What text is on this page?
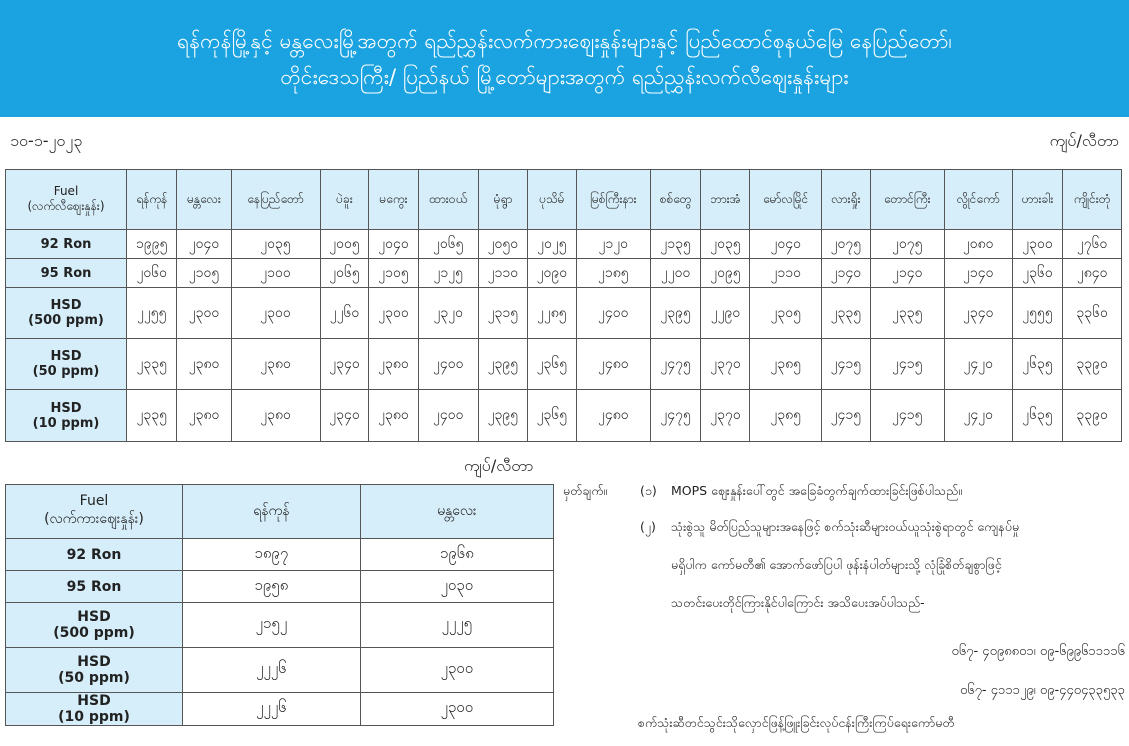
ရန်ကုန်မြို့နှင့် မန္တလေးမြို့အတွက် ရည်ညွှန်းလက်ကားဈေးနှုန်းများနှင့် ပြည်ထောင်စုနယ်မြေ နေပြည်တော်၊
တိုင်းဒေသကြီး/ ပြည်နယ် မြို့တော်များအတွက် ရည်ညွှန်းလက်လီဈေးနှုန်းများ
၁၀-၁-၂၀၂၃	ကျပ်/လီတာ
Fuel
(လက်လီဈေးနှုန်း)	ရန်ကုန်	မန္တလေး	နေပြည်တော်	ပဲခူး	မကွေး	ထားဝယ်	မုံရွာ	ပုသိမ်	မြစ်ကြီးနား	စစ်တွေ	ဘားအံ	မော်လမြိုင်	လားရှိုး	တောင်ကြီး	လွိုင်ကော်	ဟားခါး	ကျိုင်းတုံ

92 Ron	၁၉၉၅	၂၀၄၀	၂၀၃၅	၂၀၀၅	၂၀၄၀	၂၀၆၅	၂၀၅၀	၂၀၂၅	၂၁၂၀	၂၁၃၅	၂၀၃၅	၂၀၄၀	၂၀၇၅	၂၀၇၅	၂၀၈၀	၂၃၀၀	၂၇၆၀

95 Ron	၂၀၆၀	၂၁၀၅	၂၁၀၀	၂၀၆၅	၂၁၀၅	၂၁၂၅	၂၁၁၀	၂၀၉၀	၂၁၈၅	၂၂၀၀	၂၀၉၅	၂၁၁၀	၂၁၄၀	၂၁၄၀	၂၁၄၀	၂၃၆၀	၂၈၄၀

HSD
(500 ppm)	၂၂၅၅	၂၃၀၀	၂၃၀၀	၂၂၆၀	၂၃၀၀	၂၃၂၀	၂၃၁၅	၂၂၈၅	၂၄၀၀	၂၃၉၅	၂၂၉၀	၂၃၀၅	၂၃၃၅	၂၃၃၅	၂၃၄၀	၂၅၅၅	၃၃၆၀

HSD
(50 ppm)	၂၃၃၅	၂၃၈၀	၂၃၈၀	၂၃၄၀	၂၃၈၀	၂၄၀၀	၂၃၉၅	၂၃၆၅	၂၄၈၀	၂၄၇၅	၂၃၇၀	၂၃၈၅	၂၄၁၅	၂၄၁၅	၂၄၂၀	၂၆၃၅	၃၃၉၀

HSD
(10 ppm)	၂၃၃၅	၂၃၈၀	၂၃၈၀	၂၃၄၀	၂၃၈၀	၂၄၀၀	၂၃၉၅	၂၃၆၅	၂၄၈၀	၂၄၇၅	၂၃၇၀	၂၃၈၅	၂၄၁၅	၂၄၁၅	၂၄၂၀	၂၆၃၅	၃၃၉၀
ကျပ်/လီတာ
Fuel
(လက်ကားဈေးနှုန်း)	ရန်ကုန်	မန္တလေး

92 Ron	၁၈၉၇	၁၉၆၈

95 Ron	၁၉၅၈	၂၀၃၀

HSD
(500 ppm)	၂၁၅၂	၂၂၂၅

HSD
(50 ppm)	၂၂၂၆	၂၃၀၀

HSD
(10 ppm)	၂၂၂၆	၂၃၀၀
မှတ်ချက်။	(၁) MOPS ဈေးနှုန်းပေါ်တွင် အခြေခံတွက်ချက်ထားခြင်းဖြစ်ပါသည်။
(၂) သုံးစွဲသူ မိတ်ပြည်သူများအနေဖြင့် စက်သုံးဆီများဝယ်ယူသုံးစွဲရာတွင် ကျေနပ်မှု
မရှိပါက ကော်မတီ၏ အောက်ဖော်ပြပါ ဖုန်းနံပါတ်များသို့ လုံခြုံစိတ်ချစွာဖြင့်
သတင်းပေးတိုင်ကြားနိုင်ပါကြောင်း အသိပေးအပ်ပါသည်-
၀၆၇- ၄၀၉၈၈၀၁၊ ၀၉-၆၉၉၆၁၁၁၁၆
၀၆၇- ၄၁၁၁၂၉၊ ၀၉-၄၄၀၄၃၃၅၃၃
စက်သုံးဆီတင်သွင်းသိုလှောင်ဖြန့်ဖြူးခြင်းလုပ်ငန်းကြီးကြပ်ရေးကော်မတီ
